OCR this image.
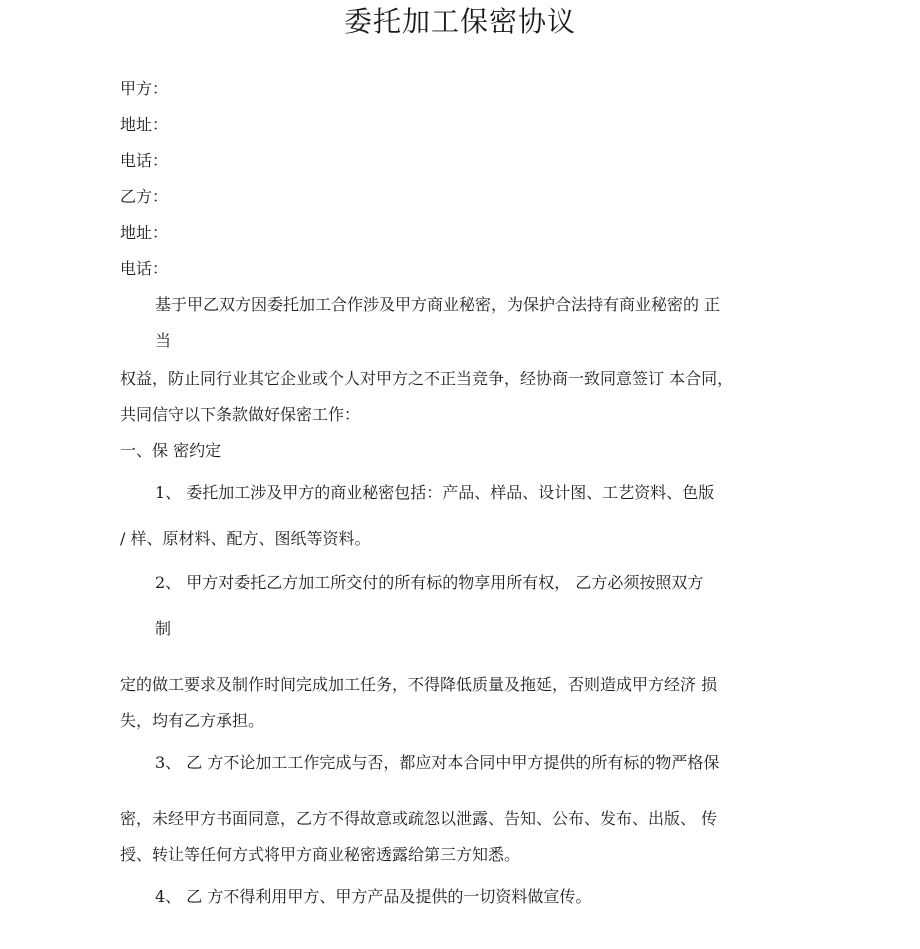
委托加工保密协议
甲方：
地址：
电话：
乙方：
地址：
电话：
基于甲乙双方因委托加工合作涉及甲方商业秘密，为保护合法持有商业秘密的 正
当
权益，防止同行业其它企业或个人对甲方之不正当竞争，经协商一致同意签订 本合同，
共同信守以下条款做好保密工作：
一、保 密约定
1、 委托加工涉及甲方的商业秘密包括：产品、样品、设计图、工艺资料、色版
/ 样、原材料、配方、图纸等资料。
2、 甲方对委托乙方加工所交付的所有标的物享用所有权， 乙方必须按照双方
制
定的做工要求及制作时间完成加工任务，不得降低质量及拖延，否则造成甲方经济 损
失，均有乙方承担。
3、 乙 方不论加工工作完成与否，都应对本合同中甲方提供的所有标的物严格保
密，未经甲方书面同意，乙方不得故意或疏忽以泄露、告知、公布、发布、出版、 传
授、转让等任何方式将甲方商业秘密透露给第三方知悉。
4、 乙 方不得利用甲方、甲方产品及提供的一切资料做宣传。
